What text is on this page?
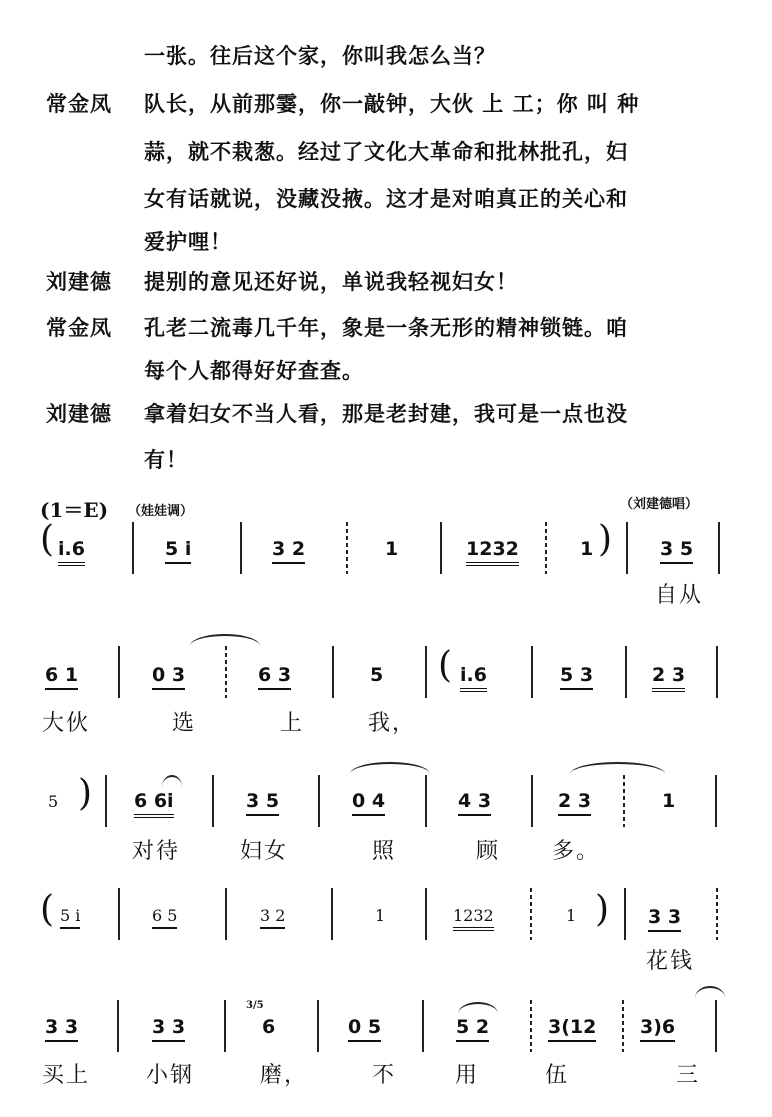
一张。往后这个家，你叫我怎么当？
常金凤 队长，从前那霎，你一敲钟，大伙 上 工；你 叫 种
蒜，就不栽葱。经过了文化大革命和批林批孔，妇
女有话就说，没藏没掖。这才是对咱真正的关心和
爱护哩！
刘建德 提别的意见还好说，单说我轻视妇女！
常金凤 孔老二流毒几千年，象是一条无形的精神锁链。咱
每个人都得好好查查。
刘建德 拿着妇女不当人看，那是老封建，我可是一点也没
有！
(1＝E) （娃娃调）	（刘建德唱）
( i.6	5 i	3 2	1	1232	1 )	3 5
自从
6 1	0 3	6 3	5 ( i.6	5 3	2 3
大伙	选	上	我，
5 ) 6 6i	3 5	0 4	4 3	2 3	1
对待	妇女	照	顾 多。
( 5 i	6 5	3 2	1	1232	1 ) 3 3
花钱
3/5
3 3	3 3	6	0 5	5 2	3(12 3)6
买上	小钢	磨，	不	用	伍	三
